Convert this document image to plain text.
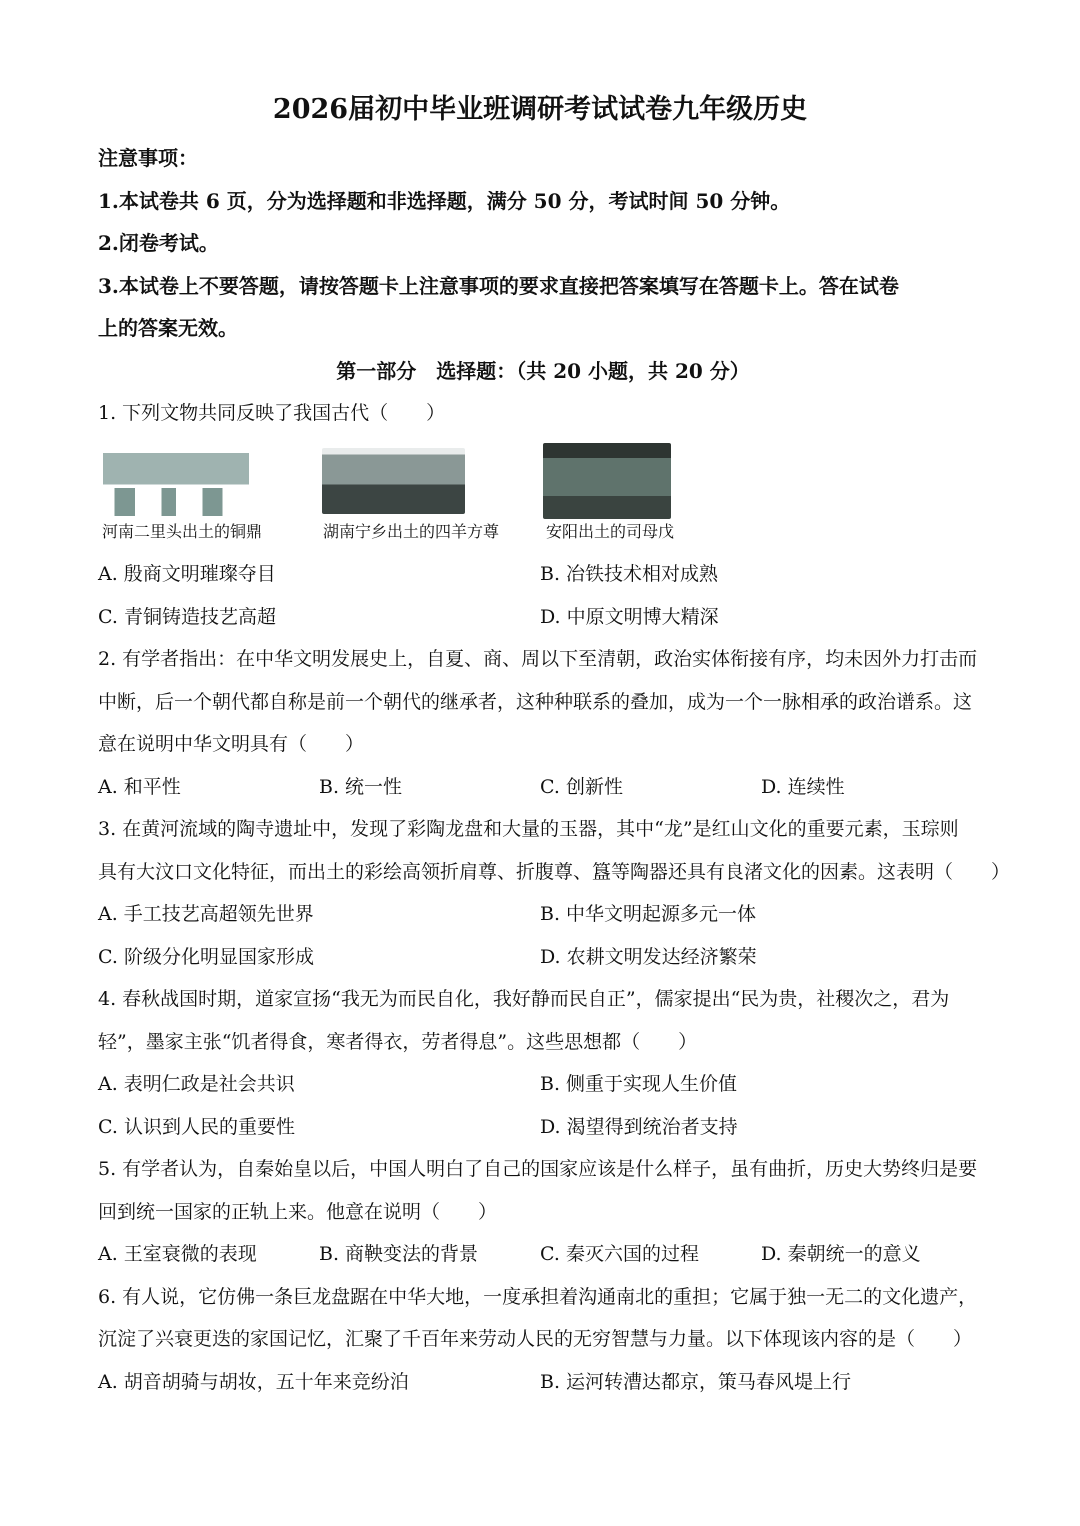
2026届初中毕业班调研考试试卷九年级历史
注意事项：
1.本试卷共 6 页，分为选择题和非选择题，满分 50 分，考试时间 50 分钟。
2.闭卷考试。
3.本试卷上不要答题，请按答题卡上注意事项的要求直接把答案填写在答题卡上。答在试卷
上的答案无效。
第一部分　选择题：（共 20 小题，共 20 分）
1. 下列文物共同反映了我国古代（　　）
河南二里头出土的铜鼎	湖南宁乡出土的四羊方尊	安阳出土的司母戊
A. 殷商文明璀璨夺目	B. 冶铁技术相对成熟
C. 青铜铸造技艺高超	D. 中原文明博大精深
2. 有学者指出：在中华文明发展史上，自夏、商、周以下至清朝，政治实体衔接有序，均未因外力打击而
中断，后一个朝代都自称是前一个朝代的继承者，这种种联系的叠加，成为一个一脉相承的政治谱系。这
意在说明中华文明具有（　　）
A. 和平性	B. 统一性	C. 创新性	D. 连续性
3. 在黄河流域的陶寺遗址中，发现了彩陶龙盘和大量的玉器，其中“龙”是红山文化的重要元素，玉琮则
具有大汶口文化特征，而出土的彩绘高领折肩尊、折腹尊、簋等陶器还具有良渚文化的因素。这表明（　　）
A. 手工技艺高超领先世界	B. 中华文明起源多元一体
C. 阶级分化明显国家形成	D. 农耕文明发达经济繁荣
4. 春秋战国时期，道家宣扬“我无为而民自化，我好静而民自正”，儒家提出“民为贵，社稷次之，君为
轻”，墨家主张“饥者得食，寒者得衣，劳者得息”。这些思想都（　　）
A. 表明仁政是社会共识	B. 侧重于实现人生价值
C. 认识到人民的重要性	D. 渴望得到统治者支持
5. 有学者认为，自秦始皇以后，中国人明白了自己的国家应该是什么样子，虽有曲折，历史大势终归是要
回到统一国家的正轨上来。他意在说明（　　）
A. 王室衰微的表现	B. 商鞅变法的背景	C. 秦灭六国的过程	D. 秦朝统一的意义
6. 有人说，它仿佛一条巨龙盘踞在中华大地，一度承担着沟通南北的重担；它属于独一无二的文化遗产，
沉淀了兴衰更迭的家国记忆，汇聚了千百年来劳动人民的无穷智慧与力量。以下体现该内容的是（　　）
A. 胡音胡骑与胡妆，五十年来竞纷泊	B. 运河转漕达都京，策马春风堤上行
